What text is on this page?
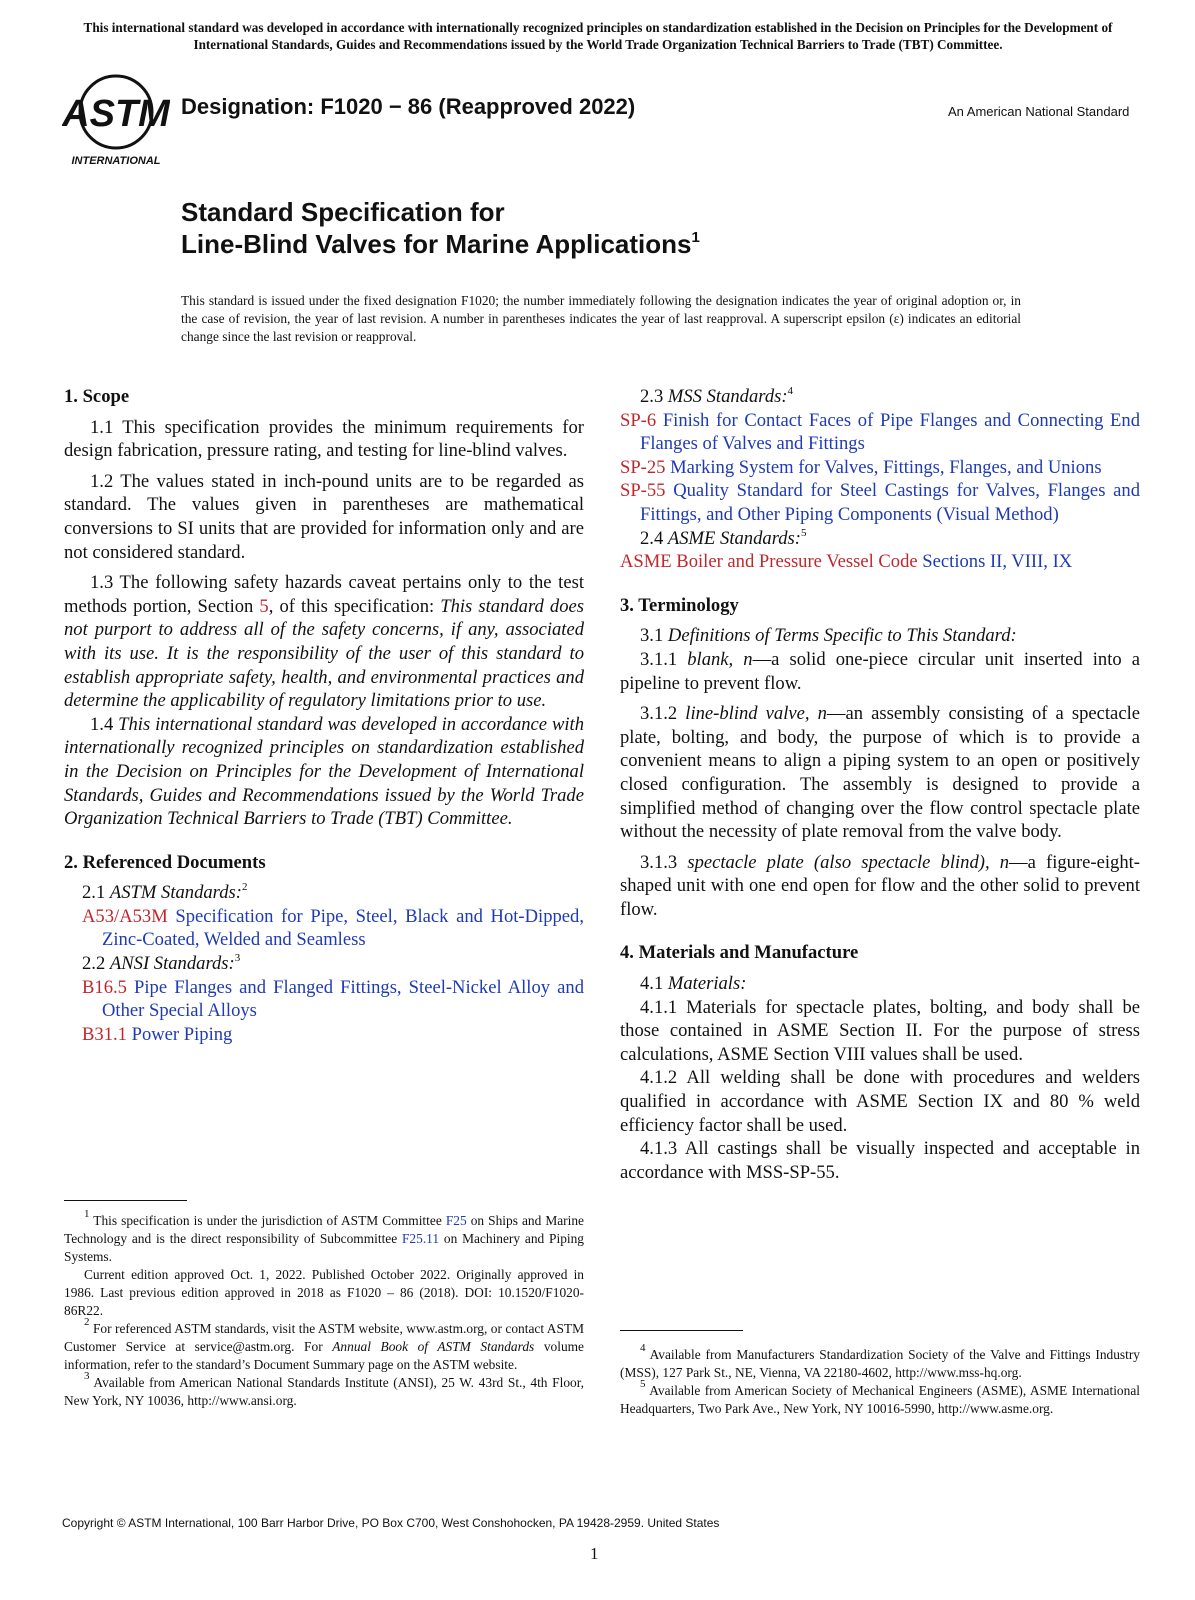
This international standard was developed in accordance with internationally recognized principles on standardization established in the Decision on Principles for the Development of International Standards, Guides and Recommendations issued by the World Trade Organization Technical Barriers to Trade (TBT) Committee.
ASTM
INTERNATIONAL
Designation: F1020 − 86 (Reapproved 2022)	An American National Standard
Standard Specification for
Line-Blind Valves for Marine Applications$^1$
This standard is issued under the fixed designation F1020; the number immediately following the designation indicates the year of original adoption or, in the case of revision, the year of last revision. A number in parentheses indicates the year of last reapproval. A superscript epsilon (ε) indicates an editorial change since the last revision or reapproval.

1. Scope

1.1 This specification provides the minimum requirements for design fabrication, pressure rating, and testing for line-blind valves.

1.2 The values stated in inch-pound units are to be regarded as standard. The values given in parentheses are mathematical conversions to SI units that are provided for information only and are not considered standard.

1.3 The following safety hazards caveat pertains only to the test methods portion, Section 5, of this specification: This standard does not purport to address all of the safety concerns, if any, associated with its use. It is the responsibility of the user of this standard to establish appropriate safety, health, and environmental practices and determine the applicability of regulatory limitations prior to use.

1.4 This international standard was developed in accordance with internationally recognized principles on standardization established in the Decision on Principles for the Development of International Standards, Guides and Recommendations issued by the World Trade Organization Technical Barriers to Trade (TBT) Committee.

2. Referenced Documents

2.1 ASTM Standards:$^2$

A53/A53M Specification for Pipe, Steel, Black and Hot-Dipped, Zinc-Coated, Welded and Seamless

2.2 ANSI Standards:$^3$

B16.5 Pipe Flanges and Flanged Fittings, Steel-Nickel Alloy and Other Special Alloys

B31.1 Power Piping

2.3 MSS Standards:$^4$

SP-6 Finish for Contact Faces of Pipe Flanges and Connecting End Flanges of Valves and Fittings

SP-25 Marking System for Valves, Fittings, Flanges, and Unions

SP-55 Quality Standard for Steel Castings for Valves, Flanges and Fittings, and Other Piping Components (Visual Method)

2.4 ASME Standards:$^5$

ASME Boiler and Pressure Vessel Code Sections II, VIII, IX

3. Terminology

3.1 Definitions of Terms Specific to This Standard:

3.1.1 blank, n—a solid one-piece circular unit inserted into a pipeline to prevent flow.

3.1.2 line-blind valve, n—an assembly consisting of a spectacle plate, bolting, and body, the purpose of which is to provide a convenient means to align a piping system to an open or positively closed configuration. The assembly is designed to provide a simplified method of changing over the flow control spectacle plate without the necessity of plate removal from the valve body.

3.1.3 spectacle plate (also spectacle blind), n—a figure-eight-shaped unit with one end open for flow and the other solid to prevent flow.

4. Materials and Manufacture

4.1 Materials:

4.1.1 Materials for spectacle plates, bolting, and body shall be those contained in ASME Section II. For the purpose of stress calculations, ASME Section VIII values shall be used.

4.1.2 All welding shall be done with procedures and welders qualified in accordance with ASME Section IX and 80 % weld efficiency factor shall be used.

4.1.3 All castings shall be visually inspected and acceptable in accordance with MSS-SP-55.

$^1$ This specification is under the jurisdiction of ASTM Committee F25 on Ships and Marine Technology and is the direct responsibility of Subcommittee F25.11 on Machinery and Piping Systems.

Current edition approved Oct. 1, 2022. Published October 2022. Originally approved in 1986. Last previous edition approved in 2018 as F1020 – 86 (2018). DOI: 10.1520/F1020-86R22.

$^2$ For referenced ASTM standards, visit the ASTM website, www.astm.org, or contact ASTM Customer Service at service@astm.org. For Annual Book of ASTM Standards volume information, refer to the standard’s Document Summary page on the ASTM website.

$^3$ Available from American National Standards Institute (ANSI), 25 W. 43rd St., 4th Floor, New York, NY 10036, http://www.ansi.org.

$^4$ Available from Manufacturers Standardization Society of the Valve and Fittings Industry (MSS), 127 Park St., NE, Vienna, VA 22180-4602, http://www.mss-hq.org.

$^5$ Available from American Society of Mechanical Engineers (ASME), ASME International Headquarters, Two Park Ave., New York, NY 10016-5990, http://www.asme.org.

Copyright © ASTM International, 100 Barr Harbor Drive, PO Box C700, West Conshohocken, PA 19428-2959. United States
1
